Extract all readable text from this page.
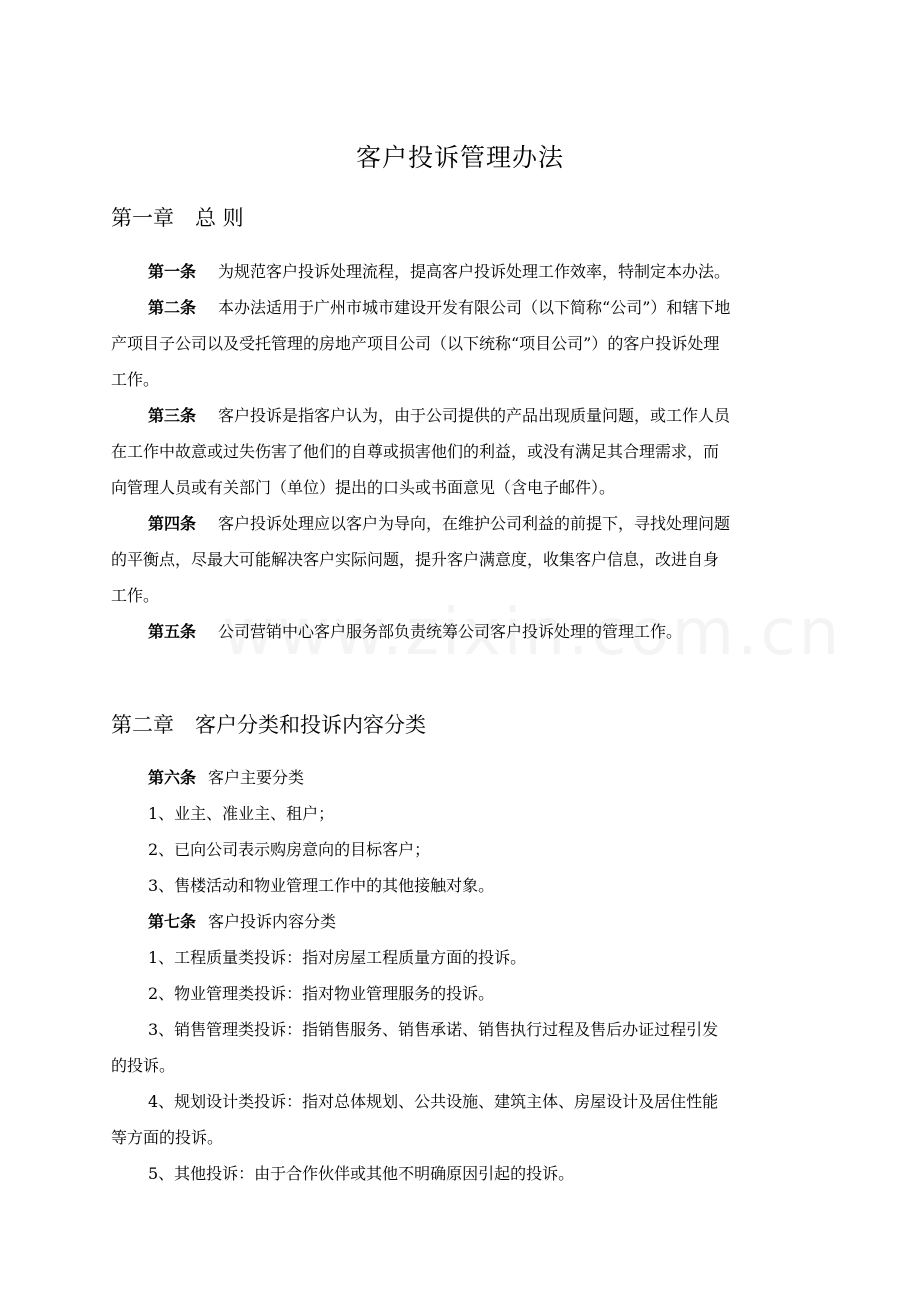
客户投诉管理办法
第一章　总 则
第一条 为规范客户投诉处理流程，提高客户投诉处理工作效率，特制定本办法。
第二条 本办法适用于广州市城市建设开发有限公司（以下简称“公司”）和辖下地
产项目子公司以及受托管理的房地产项目公司（以下统称“项目公司”）的客户投诉处理
工作。
第三条 客户投诉是指客户认为，由于公司提供的产品出现质量问题，或工作人员
在工作中故意或过失伤害了他们的自尊或损害他们的利益，或没有满足其合理需求，而
向管理人员或有关部门（单位）提出的口头或书面意见（含电子邮件）。
第四条 客户投诉处理应以客户为导向，在维护公司利益的前提下，寻找处理问题
的平衡点，尽最大可能解决客户实际问题，提升客户满意度，收集客户信息，改进自身
工作。
第五条 公司营销中心客户服务部负责统筹公司客户投诉处理的管理工作。
第二章　客户分类和投诉内容分类
第六条 客户主要分类
1、业主、准业主、租户；
2、已向公司表示购房意向的目标客户；
3、售楼活动和物业管理工作中的其他接触对象。
第七条 客户投诉内容分类
1、工程质量类投诉：指对房屋工程质量方面的投诉。
2、物业管理类投诉：指对物业管理服务的投诉。
3、销售管理类投诉：指销售服务、销售承诺、销售执行过程及售后办证过程引发
的投诉。
4、规划设计类投诉：指对总体规划、公共设施、建筑主体、房屋设计及居住性能
等方面的投诉。
5、其他投诉：由于合作伙伴或其他不明确原因引起的投诉。
